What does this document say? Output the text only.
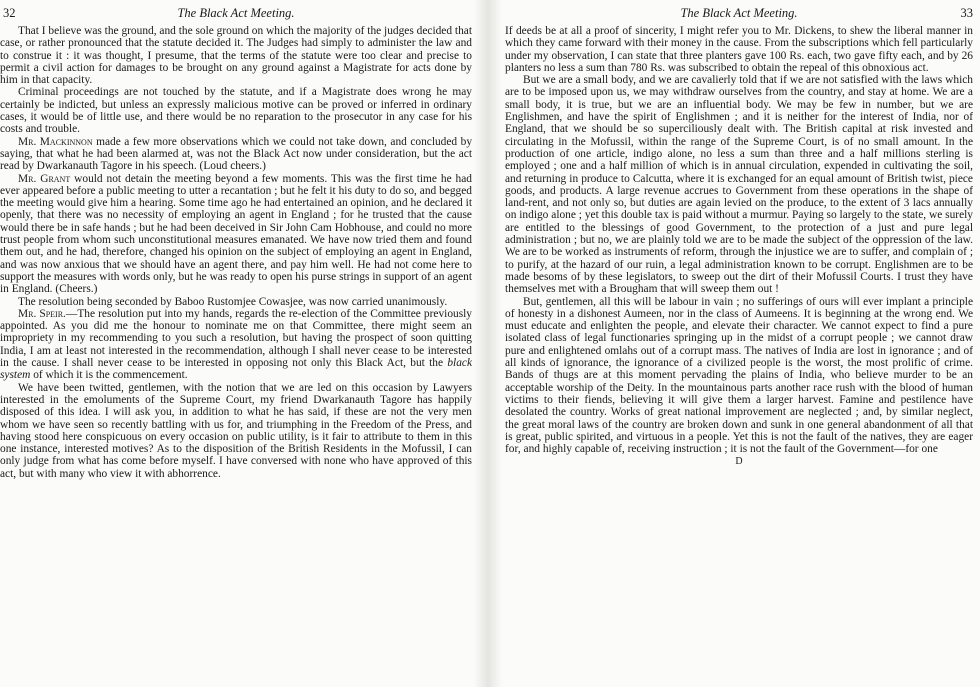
32	The Black Act Meeting.

That I believe was the ground, and the sole ground on which the majority of the judges decided that case, or rather pronounced that the statute decided it. The Judges had simply to administer the law and to construe it : it was thought, I presume, that the terms of the statute were too clear and precise to permit a civil action for damages to be brought on any ground against a Magistrate for acts done by him in that capacity.

Criminal proceedings are not touched by the statute, and if a Magistrate does wrong he may certainly be indicted, but unless an expressly malicious motive can be proved or inferred in ordinary cases, it would be of little use, and there would be no reparation to the prosecutor in any case for his costs and trouble.

Mr. Mackinnon made a few more observations which we could not take down, and concluded by saying, that what he had been alarmed at, was not the Black Act now under consideration, but the act read by Dwarkanauth Tagore in his speech. (Loud cheers.)

Mr. Grant would not detain the meeting beyond a few moments. This was the first time he had ever appeared before a public meeting to utter a recantation ; but he felt it his duty to do so, and begged the meeting would give him a hearing. Some time ago he had entertained an opinion, and he declared it openly, that there was no necessity of employing an agent in England ; for he trusted that the cause would there be in safe hands ; but he had been deceived in Sir John Cam Hobhouse, and could no more trust people from whom such unconstitutional measures emanated. We have now tried them and found them out, and he had, therefore, changed his opinion on the subject of employing an agent in England, and was now anxious that we should have an agent there, and pay him well. He had not come here to support the measures with words only, but he was ready to open his purse strings in support of an agent in England. (Cheers.)

The resolution being seconded by Baboo Rustomjee Cowasjee, was now carried unanimously.

Mr. Speir.—The resolution put into my hands, regards the re-election of the Committee previously appointed. As you did me the honour to nominate me on that Committee, there might seem an impropriety in my recommending to you such a resolution, but having the prospect of soon quitting India, I am at least not interested in the recommendation, although I shall never cease to be interested in the cause. I shall never cease to be interested in opposing not only this Black Act, but the black system of which it is the commencement.

We have been twitted, gentlemen, with the notion that we are led on this occasion by Lawyers interested in the emoluments of the Supreme Court, my friend Dwarkanauth Tagore has happily disposed of this idea. I will ask you, in addition to what he has said, if these are not the very men whom we have seen so recently battling with us for, and triumphing in the Freedom of the Press, and having stood here conspicuous on every occasion on public utility, is it fair to attribute to them in this one instance, interested motives? As to the disposition of the British Residents in the Mofussil, I can only judge from what has come before myself. I have conversed with none who have approved of this act, but with many who view it with abhorrence.

The Black Act Meeting.	33

If deeds be at all a proof of sincerity, I might refer you to Mr. Dickens, to shew the liberal manner in which they came forward with their money in the cause. From the subscriptions which fell particularly under my observation, I can state that three planters gave 100 Rs. each, two gave fifty each, and by 26 planters no less a sum than 780 Rs. was subscribed to obtain the repeal of this obnoxious act.

But we are a small body, and we are cavalierly told that if we are not satisfied with the laws which are to be imposed upon us, we may withdraw ourselves from the country, and stay at home. We are a small body, it is true, but we are an influential body. We may be few in number, but we are Englishmen, and have the spirit of Englishmen ; and it is neither for the interest of India, nor of England, that we should be so superciliously dealt with. The British capital at risk invested and circulating in the Mofussil, within the range of the Supreme Court, is of no small amount. In the production of one article, indigo alone, no less a sum than three and a half millions sterling is employed ; one and a half million of which is in annual circulation, expended in cultivating the soil, and returning in produce to Calcutta, where it is exchanged for an equal amount of British twist, piece goods, and products. A large revenue accrues to Government from these operations in the shape of land-rent, and not only so, but duties are again levied on the produce, to the extent of 3 lacs annually on indigo alone ; yet this double tax is paid without a murmur. Paying so largely to the state, we surely are entitled to the blessings of good Government, to the protection of a just and pure legal administration ; but no, we are plainly told we are to be made the subject of the oppression of the law. We are to be worked as instruments of reform, through the injustice we are to suffer, and complain of ; to purify, at the hazard of our ruin, a legal administration known to be corrupt. Englishmen are to be made besoms of by these legislators, to sweep out the dirt of their Mofussil Courts. I trust they have themselves met with a Brougham that will sweep them out !

But, gentlemen, all this will be labour in vain ; no sufferings of ours will ever implant a principle of honesty in a dishonest Aumeen, nor in the class of Aumeens. It is beginning at the wrong end. We must educate and enlighten the people, and elevate their character. We cannot expect to find a pure isolated class of legal functionaries springing up in the midst of a corrupt people ; we cannot draw pure and enlightened omlahs out of a corrupt mass. The natives of India are lost in ignorance ; and of all kinds of ignorance, the ignorance of a civilized people is the worst, the most prolific of crime. Bands of thugs are at this moment pervading the plains of India, who believe murder to be an acceptable worship of the Deity. In the mountainous parts another race rush with the blood of human victims to their fiends, believing it will give them a larger harvest. Famine and pestilence have desolated the country. Works of great national improvement are neglected ; and, by similar neglect, the great moral laws of the country are broken down and sunk in one general abandonment of all that is great, public spirited, and virtuous in a people. Yet this is not the fault of the natives, they are eager for, and highly capable of, receiving instruction ; it is not the fault of the Government—for one

D
